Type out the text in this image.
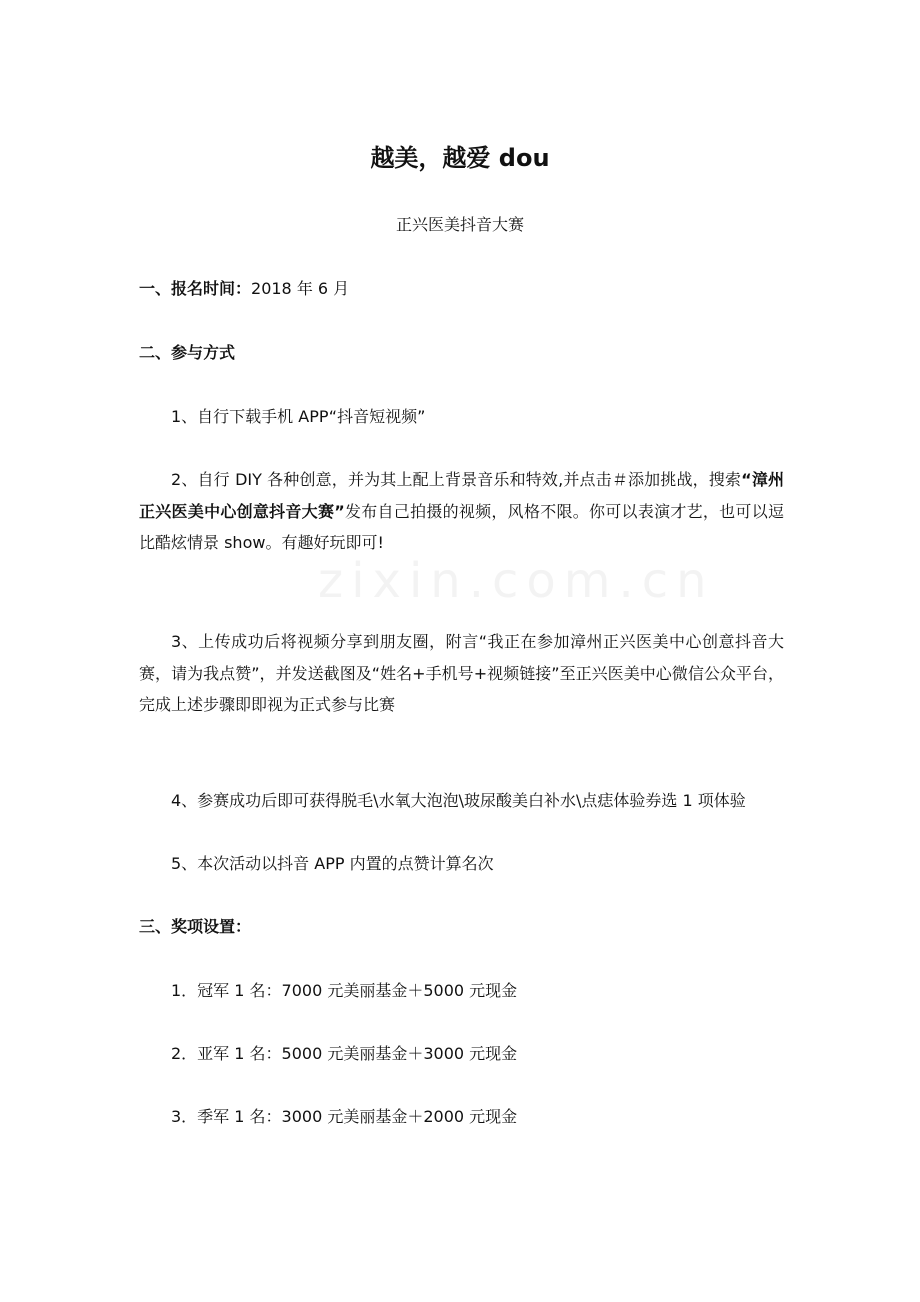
越美，越爱 dou
正兴医美抖音大赛
一、报名时间：2018 年 6 月
二、参与方式
1、自行下载手机 APP“抖音短视频”
2、自行 DIY 各种创意，并为其上配上背景音乐和特效,并点击＃添加挑战，搜索“漳州正兴医美中心创意抖音大赛”发布自己拍摄的视频，风格不限。你可以表演才艺，也可以逗比酷炫情景 show。有趣好玩即可!
3、上传成功后将视频分享到朋友圈，附言“我正在参加漳州正兴医美中心创意抖音大赛，请为我点赞”，并发送截图及“姓名+手机号+视频链接”至正兴医美中心微信公众平台，完成上述步骤即即视为正式参与比赛
4、参赛成功后即可获得脱毛\水氧大泡泡\玻尿酸美白补水\点痣体验券选 1 项体验
5、本次活动以抖音 APP 内置的点赞计算名次
三、奖项设置：
1．冠军 1 名：7000 元美丽基金＋5000 元现金
2．亚军 1 名：5000 元美丽基金＋3000 元现金
3．季军 1 名：3000 元美丽基金＋2000 元现金
zixin.com.cn
